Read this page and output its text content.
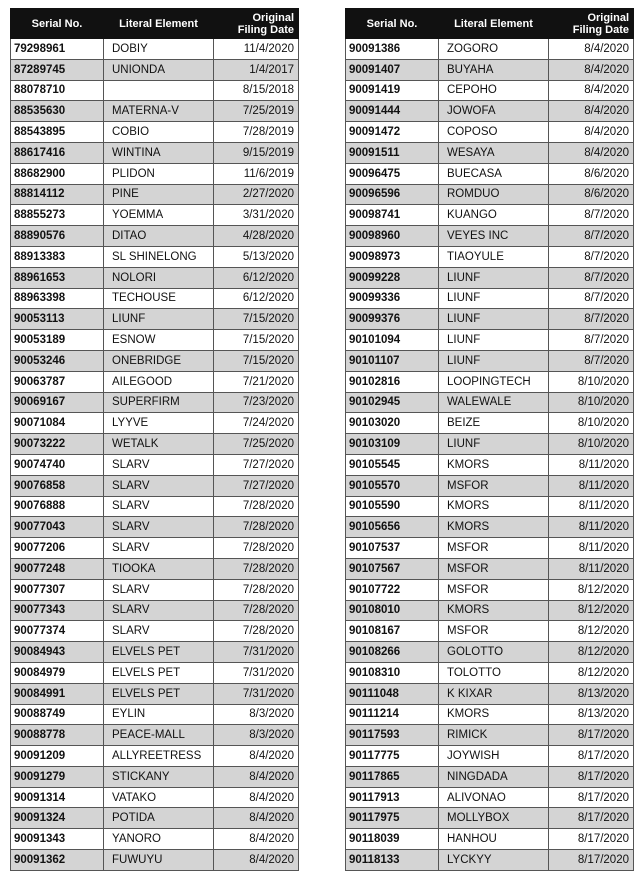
Serial No.	Literal Element	Original
Filing Date

79298961	DOBIY	11/4/2020
87289745	UNIONDA	1/4/2017
88078710		8/15/2018
88535630	MATERNA-V	7/25/2019
88543895	COBIO	7/28/2019
88617416	WINTINA	9/15/2019
88682900	PLIDON	11/6/2019
88814112	PINE	2/27/2020
88855273	YOEMMA	3/31/2020
88890576	DITAO	4/28/2020
88913383	SL SHINELONG	5/13/2020
88961653	NOLORI	6/12/2020
88963398	TECHOUSE	6/12/2020
90053113	LIUNF	7/15/2020
90053189	ESNOW	7/15/2020
90053246	ONEBRIDGE	7/15/2020
90063787	AILEGOOD	7/21/2020
90069167	SUPERFIRM	7/23/2020
90071084	LYYVE	7/24/2020
90073222	WETALK	7/25/2020
90074740	SLARV	7/27/2020
90076858	SLARV	7/27/2020
90076888	SLARV	7/28/2020
90077043	SLARV	7/28/2020
90077206	SLARV	7/28/2020
90077248	TIOOKA	7/28/2020
90077307	SLARV	7/28/2020
90077343	SLARV	7/28/2020
90077374	SLARV	7/28/2020
90084943	ELVELS PET	7/31/2020
90084979	ELVELS PET	7/31/2020
90084991	ELVELS PET	7/31/2020
90088749	EYLIN	8/3/2020
90088778	PEACE-MALL	8/3/2020
90091209	ALLYREETRESS	8/4/2020
90091279	STICKANY	8/4/2020
90091314	VATAKO	8/4/2020
90091324	POTIDA	8/4/2020
90091343	YANORO	8/4/2020
90091362	FUWUYU	8/4/2020
Serial No.	Literal Element	Original
Filing Date

90091386	ZOGORO	8/4/2020
90091407	BUYAHA	8/4/2020
90091419	CEPOHO	8/4/2020
90091444	JOWOFA	8/4/2020
90091472	COPOSO	8/4/2020
90091511	WESAYA	8/4/2020
90096475	BUECASA	8/6/2020
90096596	ROMDUO	8/6/2020
90098741	KUANGO	8/7/2020
90098960	VEYES INC	8/7/2020
90098973	TIAOYULE	8/7/2020
90099228	LIUNF	8/7/2020
90099336	LIUNF	8/7/2020
90099376	LIUNF	8/7/2020
90101094	LIUNF	8/7/2020
90101107	LIUNF	8/7/2020
90102816	LOOPINGTECH	8/10/2020
90102945	WALEWALE	8/10/2020
90103020	BEIZE	8/10/2020
90103109	LIUNF	8/10/2020
90105545	KMORS	8/11/2020
90105570	MSFOR	8/11/2020
90105590	KMORS	8/11/2020
90105656	KMORS	8/11/2020
90107537	MSFOR	8/11/2020
90107567	MSFOR	8/11/2020
90107722	MSFOR	8/12/2020
90108010	KMORS	8/12/2020
90108167	MSFOR	8/12/2020
90108266	GOLOTTO	8/12/2020
90108310	TOLOTTO	8/12/2020
90111048	K KIXAR	8/13/2020
90111214	KMORS	8/13/2020
90117593	RIMICK	8/17/2020
90117775	JOYWISH	8/17/2020
90117865	NINGDADA	8/17/2020
90117913	ALIVONAO	8/17/2020
90117975	MOLLYBOX	8/17/2020
90118039	HANHOU	8/17/2020
90118133	LYCKYY	8/17/2020
